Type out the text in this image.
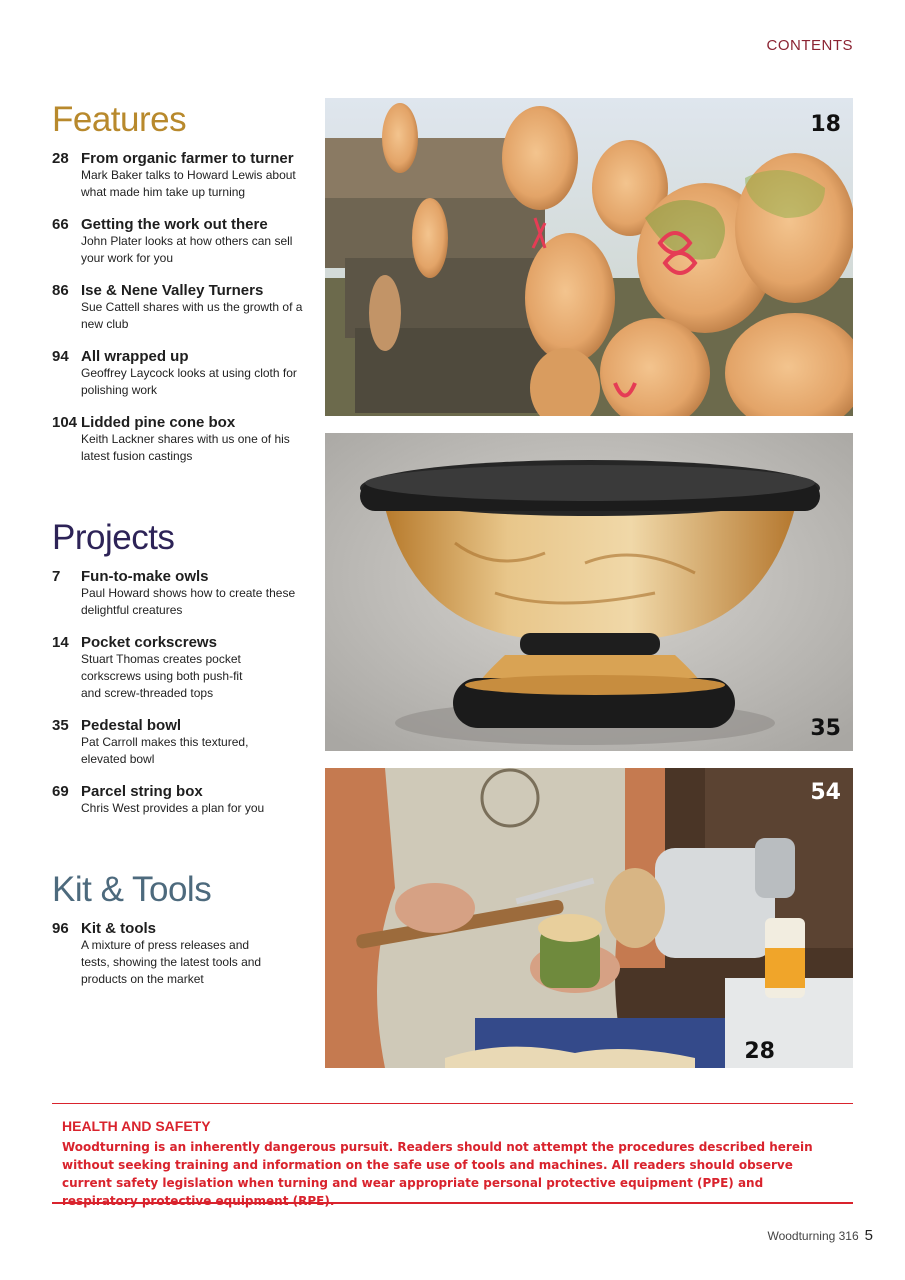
CONTENTS
Features
28 From organic farmer to turner
Mark Baker talks to Howard Lewis about what made him take up turning
66 Getting the work out there
John Plater looks at how others can sell your work for you
86 Ise & Nene Valley Turners
Sue Cattell shares with us the growth of a new club
94 All wrapped up
Geoffrey Laycock looks at using cloth for polishing work
104 Lidded pine cone box
Keith Lackner shares with us one of his latest fusion castings
Projects
7 Fun-to-make owls
Paul Howard shows how to create these delightful creatures
14 Pocket corkscrews
Stuart Thomas creates pocket corkscrews using both push-fit and screw-threaded tops
35 Pedestal bowl
Pat Carroll makes this textured, elevated bowl
69 Parcel string box
Chris West provides a plan for you
Kit & Tools
96 Kit & tools
A mixture of press releases and tests, showing the latest tools and products on the market
18
35
54
28
HEALTH AND SAFETY
Woodturning is an inherently dangerous pursuit. Readers should not attempt the procedures described herein without seeking training and information on the safe use of tools and machines. All readers should observe current safety legislation when turning and wear appropriate personal protective equipment (PPE) and respiratory protective equipment (RPE).
Woodturning 316 5
